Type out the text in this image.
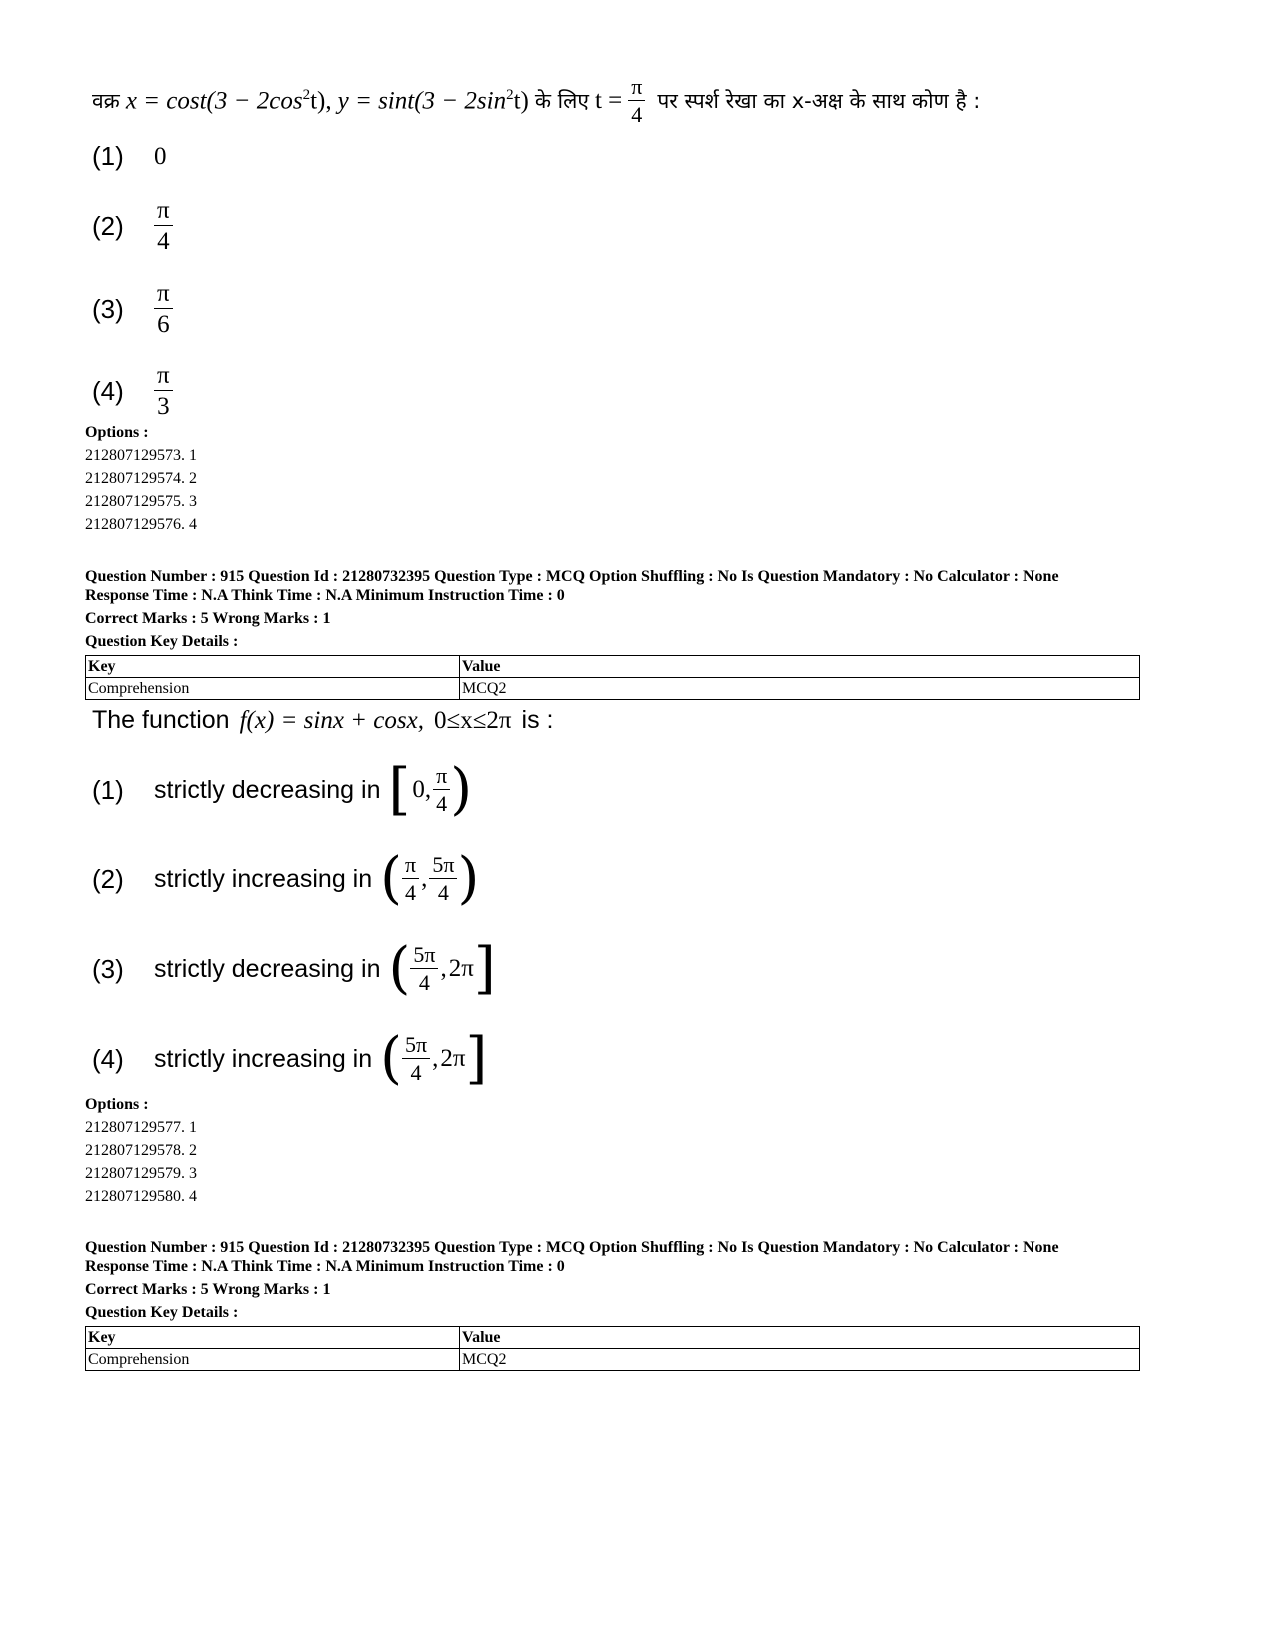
वक्र $x = \cos t(3 - 2\cos^2t)$, $y = \sin t(3 - 2\sin^2t)$ के लिए $t = \frac{\pi}{4}$ पर स्पर्श रेखा का x-अक्ष के साथ कोण है :
(1)	0
(2)	$\frac{\pi}{4}$
(3)	$\frac{\pi}{6}$
(4)	$\frac{\pi}{3}$
Options :
212807129573. 1
212807129574. 2
212807129575. 3
212807129576. 4
Question Number : 915 Question Id : 21280732395 Question Type : MCQ Option Shuffling : No Is Question Mandatory : No Calculator : None
Response Time : N.A Think Time : N.A Minimum Instruction Time : 0
Correct Marks : 5 Wrong Marks : 1
Question Key Details :
Key	Value
Comprehension	MCQ2
The function f(x) = sinx + cosx, 0≤x≤2π is :
(1)	strictly decreasing in [ 0, $\frac{\pi}{4}$ )
(2)	strictly increasing in ( $\frac{\pi}{4}$ , $\frac{5\pi}{4}$ )
(3)	strictly decreasing in ( $\frac{5\pi}{4}$ , 2π ]
(4)	strictly increasing in ( $\frac{5\pi}{4}$ , 2π ]
Options :
212807129577. 1
212807129578. 2
212807129579. 3
212807129580. 4
Question Number : 915 Question Id : 21280732395 Question Type : MCQ Option Shuffling : No Is Question Mandatory : No Calculator : None
Response Time : N.A Think Time : N.A Minimum Instruction Time : 0
Correct Marks : 5 Wrong Marks : 1
Question Key Details :
Key	Value
Comprehension	MCQ2
